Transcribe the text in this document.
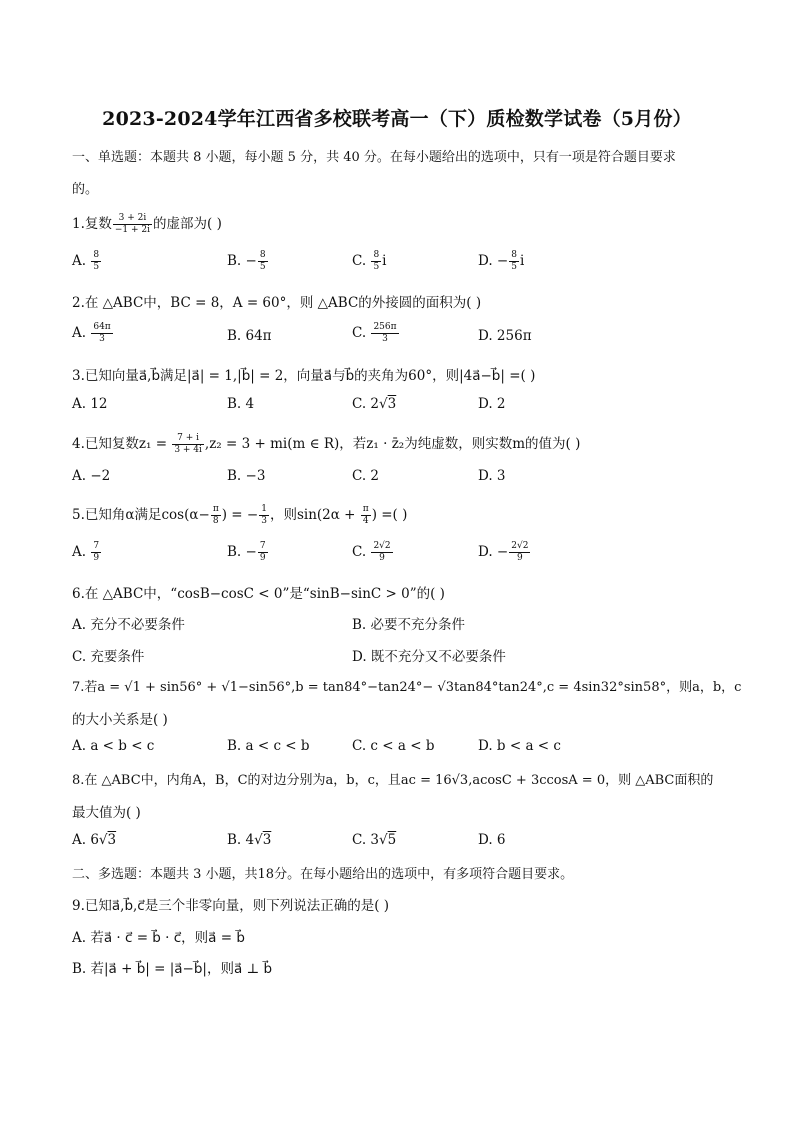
2023-2024学年江西省多校联考高一（下）质检数学试卷（5月份）
一、单选题：本题共 8 小题，每小题 5 分，共 40 分。在每小题给出的选项中，只有一项是符合题目要求
的。
1.复数 $\frac{3 + 2i}{-1 + 2i}$ 的虚部为( )
A. $\frac{8}{5}$	B. − $\frac{8}{5}$	C. $\frac{8}{5}$ i	D. − $\frac{8}{5}$ i
2.在 △ABC中，BC = 8，A = 60°，则 △ABC的外接圆的面积为( )
A. $\frac{64\pi}{3}$	B. 64π	C. $\frac{256\pi}{3}$	D. 256π
3.已知向量a⃗,b⃗满足|a⃗| = 1,|b⃗| = 2，向量a⃗与b⃗的夹角为60°，则|4a⃗−b⃗| =( )
A. 12	B. 4	C. 2√3	D. 2
4.已知复数$z_1 = \frac{7 + i}{3 + 4i} ,z_2 = 3 + mi(m$ ∈ R)，若z₁ · z̄₂为纯虚数，则实数m的值为( )
A. −2	B. −3	C. 2	D. 3
5.已知角α满足$\cos(\alpha- \frac{\pi}{8}$ ) = − $\frac{1}{3}$ ，则$\sin(2\alpha + \frac{\pi}{4}$ ) =( )
A. $\frac{7}{9}$	B. − $\frac{7}{9}$	C. $\frac{2√2}{9}$	D. − $\frac{2√2}{9}$
6.在 △ABC中，“cosB−cosC < 0”是“sinB−sinC > 0”的( )
A. 充分不必要条件	B. 必要不充分条件
C. 充要条件	D. 既不充分又不必要条件
7.若a = √1 + sin56° + √1−sin56°,b = tan84°−tan24°− √3tan84°tan24°,c = 4sin32°sin58°，则a，b，c
的大小关系是( )
A. a < b < c	B. a < c < b	C. c < a < b	D. b < a < c
8.在 △ABC中，内角A，B，C的对边分别为a，b，c，且ac = 16√3,acosC + 3ccosA = 0，则 △ABC面积的
最大值为( )
A. 6√3	B. 4√3	C. 3√5	D. 6
二、多选题：本题共 3 小题，共18分。在每小题给出的选项中，有多项符合题目要求。
9.已知a⃗,b⃗,c⃗是三个非零向量，则下列说法正确的是( )
A. 若a⃗ · c⃗ = b⃗ · c⃗，则a⃗ = b⃗
B. 若|a⃗ + b⃗| = |a⃗−b⃗|，则a⃗ ⊥ b⃗
